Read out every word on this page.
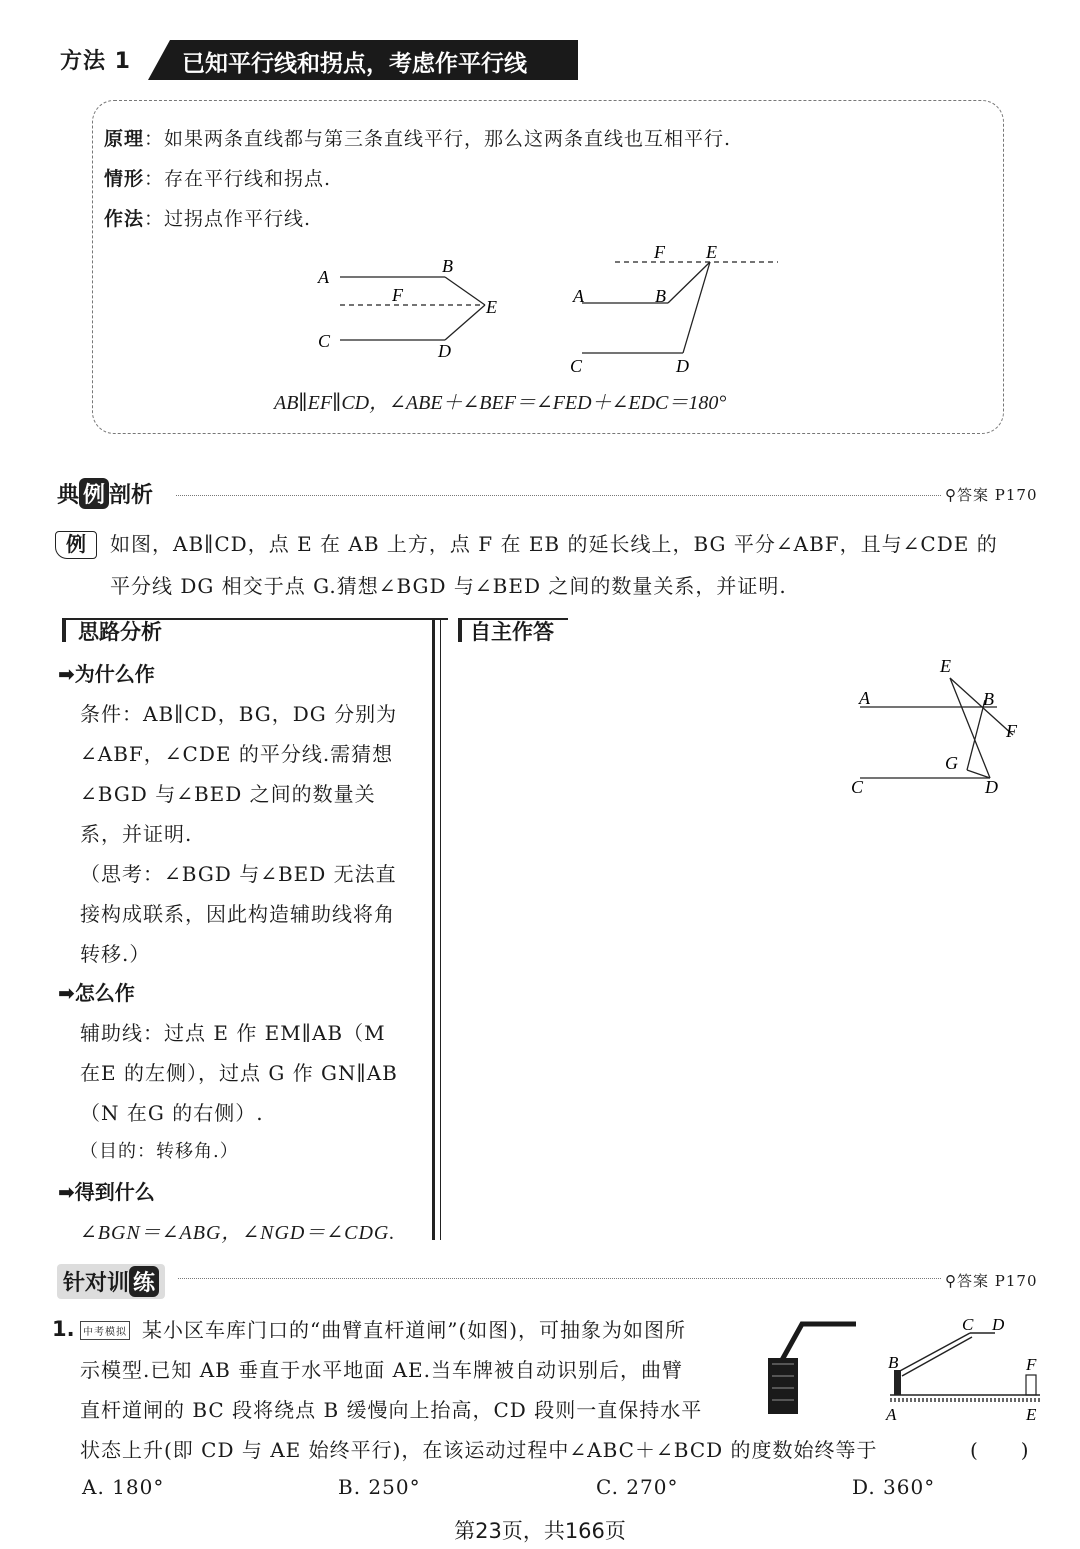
方法 1 已知平行线和拐点，考虑作平行线
原理：如果两条直线都与第三条直线平行，那么这两条直线也互相平行.
情形：存在平行线和拐点.
作法：过拐点作平行线.
A
B
F
E
C	D
F E
A	B
C	D
AB∥EF∥CD，∠ABE＋∠BEF＝∠FED＋∠EDC＝180°
典 例 剖析	⚲答案 P170
例	如图，AB∥CD，点 E 在 AB 上方，点 F 在 EB 的延长线上，BG 平分∠ABF，且与∠CDE 的
平分线 DG 相交于点 G.猜想∠BGD 与∠BED 之间的数量关系，并证明.
思路分析
➡为什么作
条件：AB∥CD，BG，DG 分别为
∠ABF，∠CDE 的平分线.需猜想
∠BGD 与∠BED 之间的数量关
系，并证明.
（思考：∠BGD 与∠BED 无法直
接构成联系，因此构造辅助线将角
转移.）
➡怎么作
辅助线：过点 E 作 EM∥AB（M
在E 的左侧），过点 G 作 GN∥AB
（N 在G 的右侧）.
（目的：转移角.）
➡得到什么
∠BGN＝∠ABG，∠NGD＝∠CDG.
自主作答
E
A	B
F
G
C	D
针对训 练	⚲答案 P170
1. 中考模拟 某小区车库门口的“曲臂直杆道闸”(如图)，可抽象为如图所
示模型.已知 AB 垂直于水平地面 AE.当车牌被自动识别后，曲臂
直杆道闸的 BC 段将绕点 B 缓慢向上抬高，CD 段则一直保持水平
状态上升(即 CD 与 AE 始终平行)，在该运动过程中∠ABC＋∠BCD 的度数始终等于	(　　)
A. 180°	B. 250°	C. 270°	D. 360°
C D
B	F
A	E
第23页，共166页
